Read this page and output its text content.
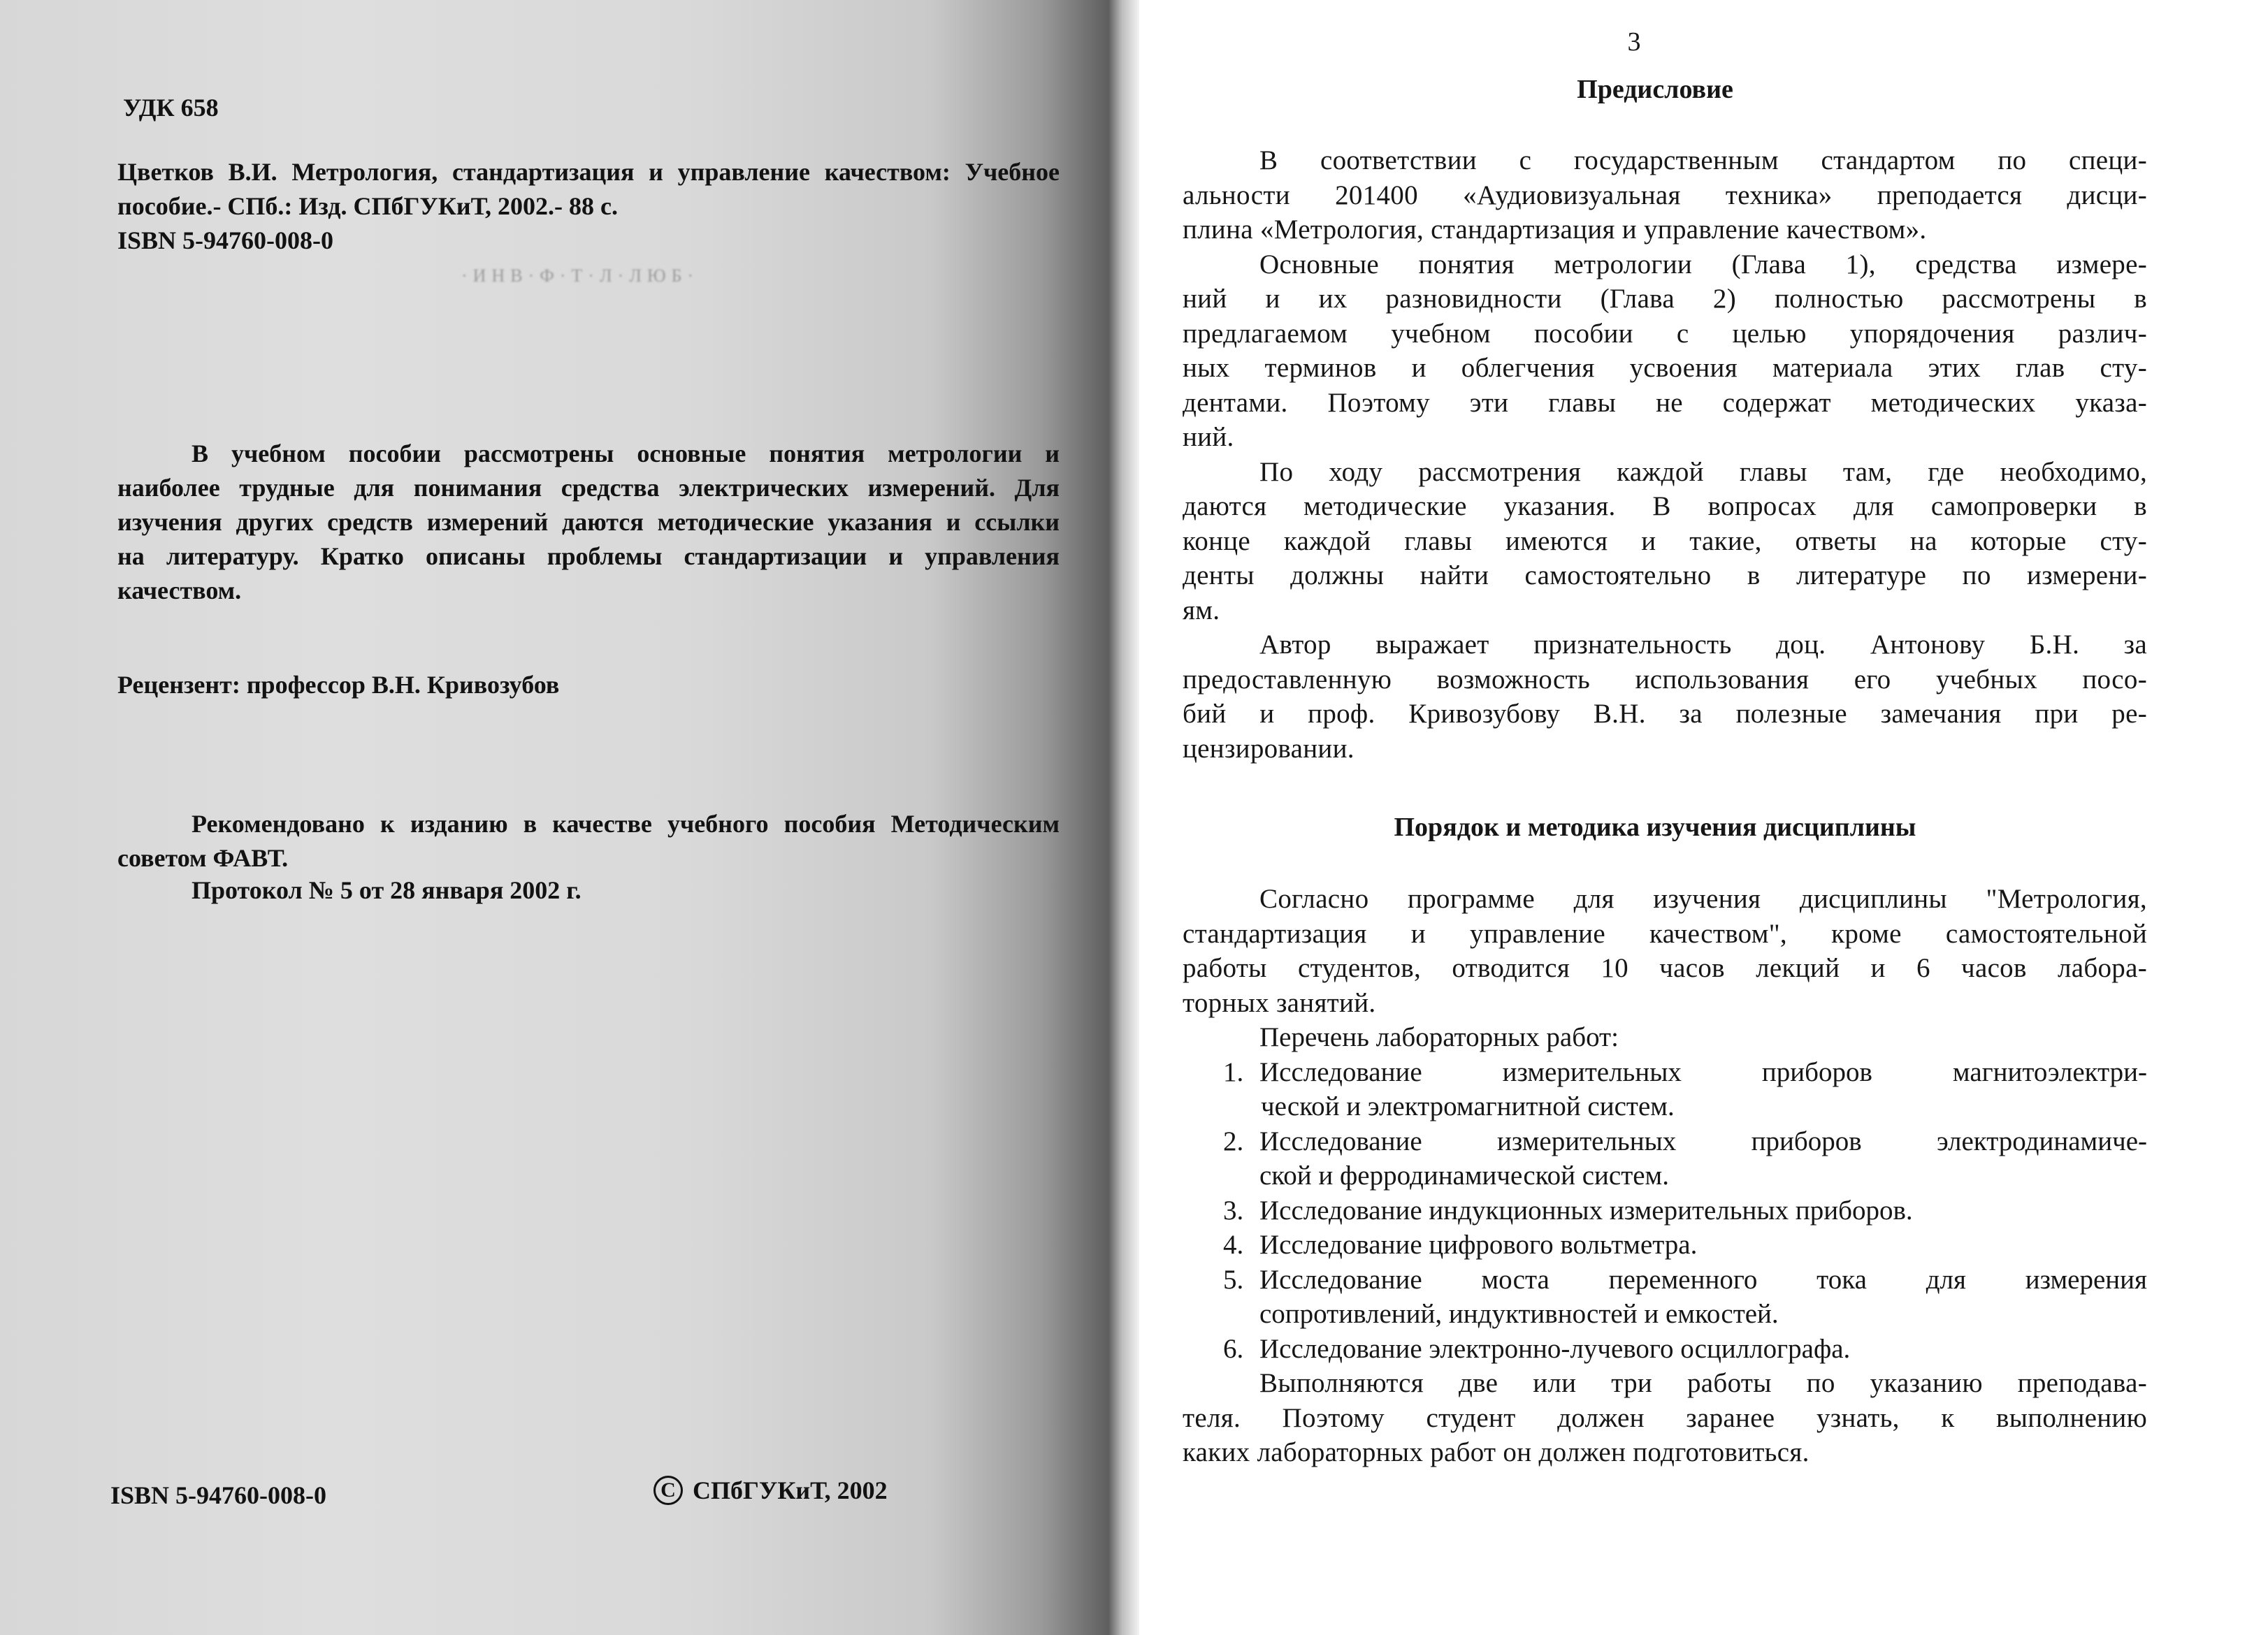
УДК 658

Цветков В.И. Метрология, стандартизация и управление качеством: Учебное

пособие.- СПб.: Изд. СПбГУКиТ, 2002.- 88 с.

ISBN 5-94760-008-0

·ИНВ·Ф·Т·Л·ЛЮБ·

В учебном пособии рассмотрены основные понятия метрологии и

наиболее трудные для понимания средства электрических измерений. Для

изучения других средств измерений даются методические указания и ссылки

на литературу. Кратко описаны проблемы стандартизации и управления

качеством.

Рецензент: профессор В.Н. Кривозубов

Рекомендовано к изданию в качестве учебного пособия Методическим

советом ФАВТ.

Протокол № 5 от 28 января 2002 г.
ISBN 5-94760-008-0	C СПбГУКиТ, 2002
3
Предисловие

В соответствии с государственным стандартом по специ-

альности 201400 «Аудиовизуальная техника» преподается дисци-

плина «Метрология, стандартизация и управление качеством».

Основные понятия метрологии (Глава 1), средства измере-

ний и их разновидности (Глава 2) полностью рассмотрены в

предлагаемом учебном пособии с целью упорядочения различ-

ных терминов и облегчения усвоения материала этих глав сту-

дентами. Поэтому эти главы не содержат методических указа-

ний.

По ходу рассмотрения каждой главы там, где необходимо,

даются методические указания. В вопросах для самопроверки в

конце каждой главы имеются и такие, ответы на которые сту-

денты должны найти самостоятельно в литературе по измерени-

ям.

Автор выражает признательность доц. Антонову Б.Н. за

предоставленную возможность использования его учебных посо-

бий и проф. Кривозубову В.Н. за полезные замечания при ре-

цензировании.

Порядок и методика изучения дисциплины

Согласно программе для изучения дисциплины "Метрология,

стандартизация и управление качеством", кроме самостоятельной

работы студентов, отводится 10 часов лекций и 6 часов лабора-

торных занятий.

Перечень лабораторных работ:

1. Исследование измерительных приборов магнитоэлектри-

ческой и электромагнитной систем.

2. Исследование измерительных приборов электродинамиче-

ской и ферродинамической систем.

3. Исследование индукционных измерительных приборов.

4. Исследование цифрового вольтметра.

5. Исследование моста переменного тока для измерения

сопротивлений, индуктивностей и емкостей.

6. Исследование электронно-лучевого осциллографа.

Выполняются две или три работы по указанию преподава-

теля. Поэтому студент должен заранее узнать, к выполнению

каких лабораторных работ он должен подготовиться.
